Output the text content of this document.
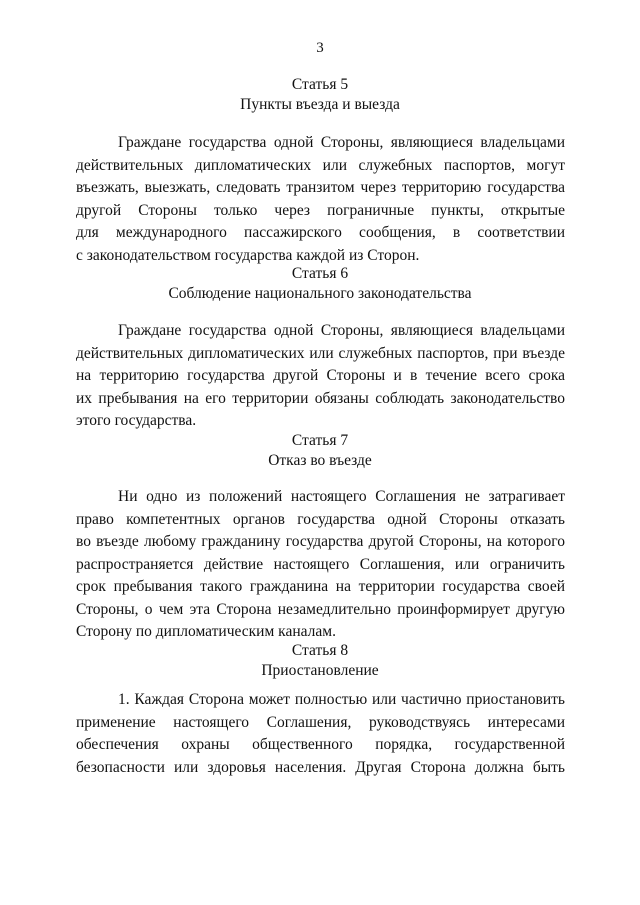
3
Статья 5
Пункты въезда и выезда
Граждане государства одной Стороны, являющиеся владельцами
действительных дипломатических или служебных паспортов, могут
въезжать, выезжать, следовать транзитом через территорию государства
другой Стороны только через пограничные пункты, открытые
для международного пассажирского сообщения, в соответствии
с законодательством государства каждой из Сторон.
Статья 6
Соблюдение национального законодательства
Граждане государства одной Стороны, являющиеся владельцами
действительных дипломатических или служебных паспортов, при въезде
на территорию государства другой Стороны и в течение всего срока
их пребывания на его территории обязаны соблюдать законодательство
этого государства.
Статья 7
Отказ во въезде
Ни одно из положений настоящего Соглашения не затрагивает
право компетентных органов государства одной Стороны отказать
во въезде любому гражданину государства другой Стороны, на которого
распространяется действие настоящего Соглашения, или ограничить
срок пребывания такого гражданина на территории государства своей
Стороны, о чем эта Сторона незамедлительно проинформирует другую
Сторону по дипломатическим каналам.
Статья 8
Приостановление
1. Каждая Сторона может полностью или частично приостановить
применение настоящего Соглашения, руководствуясь интересами
обеспечения охраны общественного порядка, государственной
безопасности или здоровья населения. Другая Сторона должна быть
